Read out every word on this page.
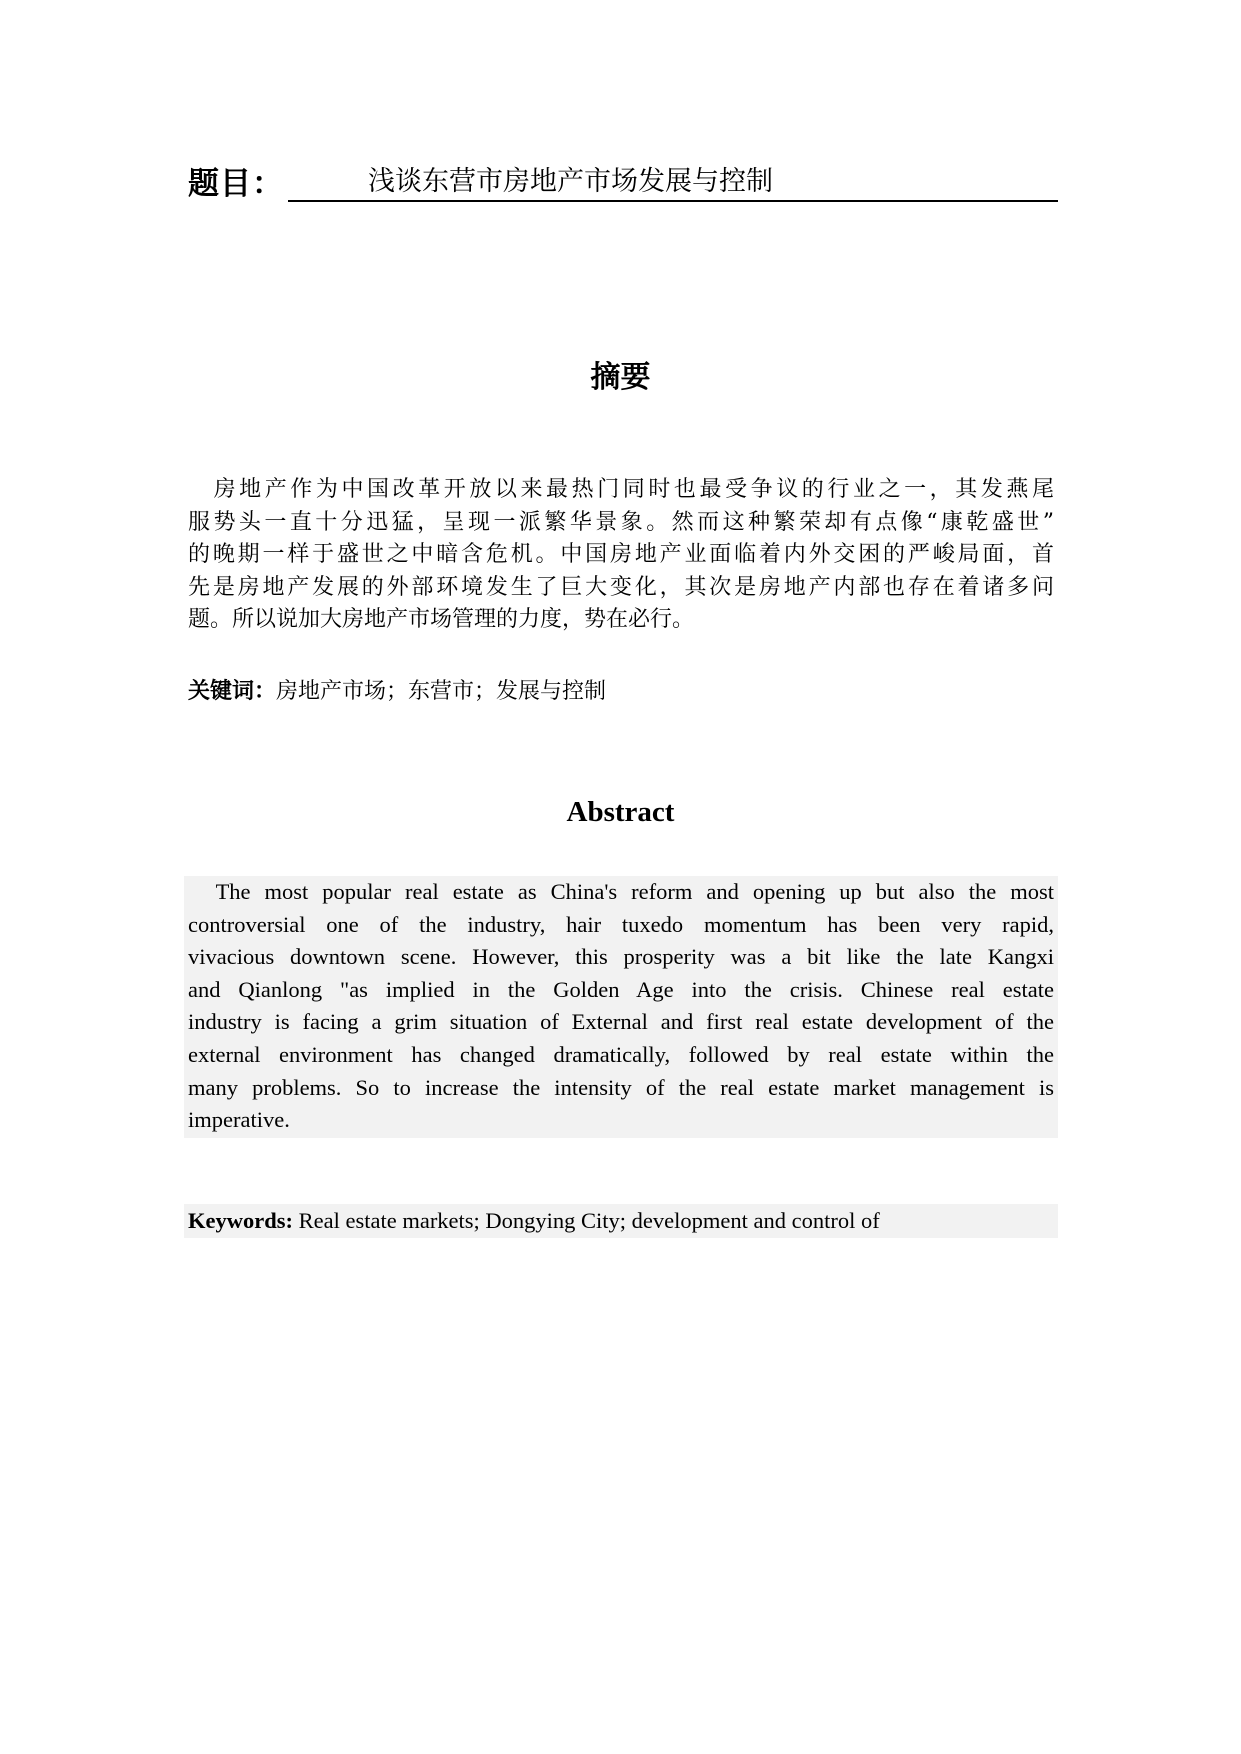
题目：	浅谈东营市房地产市场发展与控制
摘要
　房地产作为中国改革开放以来最热门同时也最受争议的行业之一，其发燕尾
服势头一直十分迅猛，呈现一派繁华景象。然而这种繁荣却有点像“康乾盛世”
的晚期一样于盛世之中暗含危机。中国房地产业面临着内外交困的严峻局面，首
先是房地产发展的外部环境发生了巨大变化，其次是房地产内部也存在着诸多问
题。所以说加大房地产市场管理的力度，势在必行。
关键词：房地产市场；东营市；发展与控制
Abstract
The most popular real estate as China's reform and opening up but also the most
controversial one of the industry, hair tuxedo momentum has been very rapid,
vivacious downtown scene. However, this prosperity was a bit like the late Kangxi
and Qianlong "as implied in the Golden Age into the crisis. Chinese real estate
industry is facing a grim situation of External and first real estate development of the
external environment has changed dramatically, followed by real estate within the
many problems. So to increase the intensity of the real estate market management is
imperative.
Keywords: Real estate markets; Dongying City; development and control of
